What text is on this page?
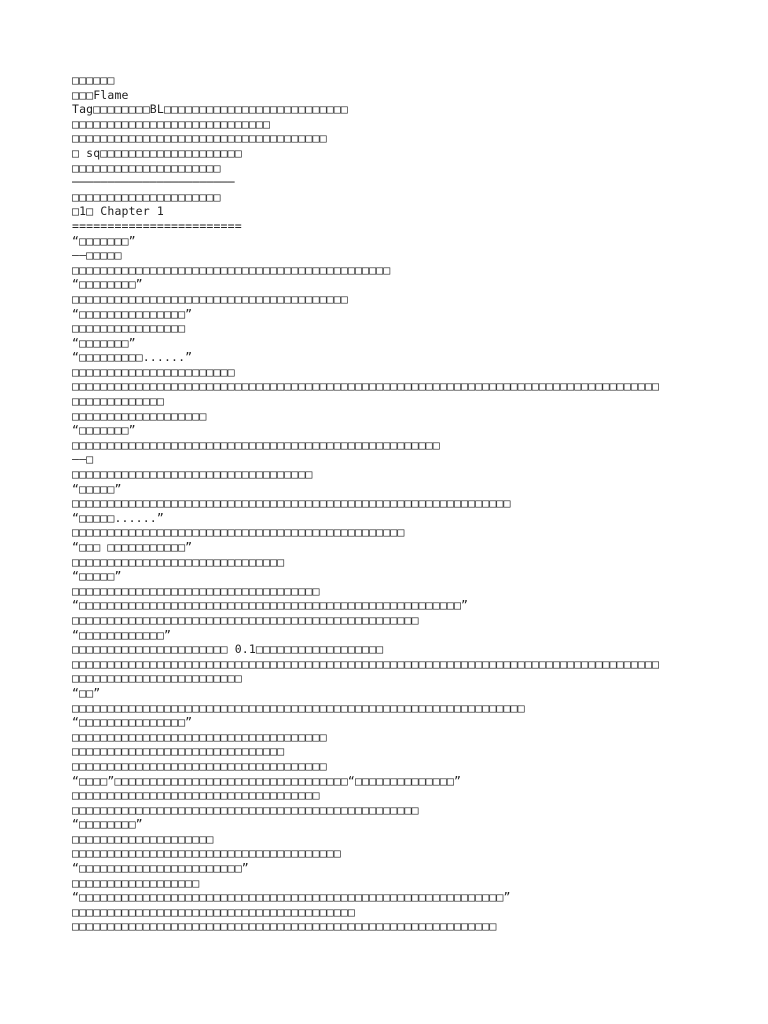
□□□□□□
□□□Flame
Tag□□□□□□□□BL□□□□□□□□□□□□□□□□□□□□□□□□□□
□□□□□□□□□□□□□□□□□□□□□□□□□□□□
□□□□□□□□□□□□□□□□□□□□□□□□□□□□□□□□□□□□
□ sq□□□□□□□□□□□□□□□□□□□□
□□□□□□□□□□□□□□□□□□□□□
───────────────────────
□□□□□□□□□□□□□□□□□□□□□
□1□ Chapter 1
========================
“□□□□□□□”
——□□□□□
□□□□□□□□□□□□□□□□□□□□□□□□□□□□□□□□□□□□□□□□□□□□□
“□□□□□□□□”
□□□□□□□□□□□□□□□□□□□□□□□□□□□□□□□□□□□□□□□
“□□□□□□□□□□□□□□□”
□□□□□□□□□□□□□□□□
“□□□□□□□”
“□□□□□□□□□......”
□□□□□□□□□□□□□□□□□□□□□□□
□□□□□□□□□□□□□□□□□□□□□□□□□□□□□□□□□□□□□□□□□□□□□□□□□□□□□□□□□□□□□□□□□□□□□□□□□□□□□□□□□□□
□□□□□□□□□□□□□
□□□□□□□□□□□□□□□□□□□
“□□□□□□□”
□□□□□□□□□□□□□□□□□□□□□□□□□□□□□□□□□□□□□□□□□□□□□□□□□□□□
——□
□□□□□□□□□□□□□□□□□□□□□□□□□□□□□□□□□□
“□□□□□”
□□□□□□□□□□□□□□□□□□□□□□□□□□□□□□□□□□□□□□□□□□□□□□□□□□□□□□□□□□□□□□
“□□□□□......”
□□□□□□□□□□□□□□□□□□□□□□□□□□□□□□□□□□□□□□□□□□□□□□□
“□□□ □□□□□□□□□□□”
□□□□□□□□□□□□□□□□□□□□□□□□□□□□□□
“□□□□□”
□□□□□□□□□□□□□□□□□□□□□□□□□□□□□□□□□□□
“□□□□□□□□□□□□□□□□□□□□□□□□□□□□□□□□□□□□□□□□□□□□□□□□□□□□□□”
□□□□□□□□□□□□□□□□□□□□□□□□□□□□□□□□□□□□□□□□□□□□□□□□□
“□□□□□□□□□□□□”
□□□□□□□□□□□□□□□□□□□□□□ 0.1□□□□□□□□□□□□□□□□□□
□□□□□□□□□□□□□□□□□□□□□□□□□□□□□□□□□□□□□□□□□□□□□□□□□□□□□□□□□□□□□□□□□□□□□□□□□□□□□□□□□□□
□□□□□□□□□□□□□□□□□□□□□□□□
“□□”
□□□□□□□□□□□□□□□□□□□□□□□□□□□□□□□□□□□□□□□□□□□□□□□□□□□□□□□□□□□□□□□□
“□□□□□□□□□□□□□□□”
□□□□□□□□□□□□□□□□□□□□□□□□□□□□□□□□□□□□
□□□□□□□□□□□□□□□□□□□□□□□□□□□□□□
□□□□□□□□□□□□□□□□□□□□□□□□□□□□□□□□□□□□
“□□□□”□□□□□□□□□□□□□□□□□□□□□□□□□□□□□□□□□“□□□□□□□□□□□□□□”
□□□□□□□□□□□□□□□□□□□□□□□□□□□□□□□□□□□
□□□□□□□□□□□□□□□□□□□□□□□□□□□□□□□□□□□□□□□□□□□□□□□□□
“□□□□□□□□”
□□□□□□□□□□□□□□□□□□□□
□□□□□□□□□□□□□□□□□□□□□□□□□□□□□□□□□□□□□□
“□□□□□□□□□□□□□□□□□□□□□□□”
□□□□□□□□□□□□□□□□□□
“□□□□□□□□□□□□□□□□□□□□□□□□□□□□□□□□□□□□□□□□□□□□□□□□□□□□□□□□□□□□”
□□□□□□□□□□□□□□□□□□□□□□□□□□□□□□□□□□□□□□□□
□□□□□□□□□□□□□□□□□□□□□□□□□□□□□□□□□□□□□□□□□□□□□□□□□□□□□□□□□□□□
